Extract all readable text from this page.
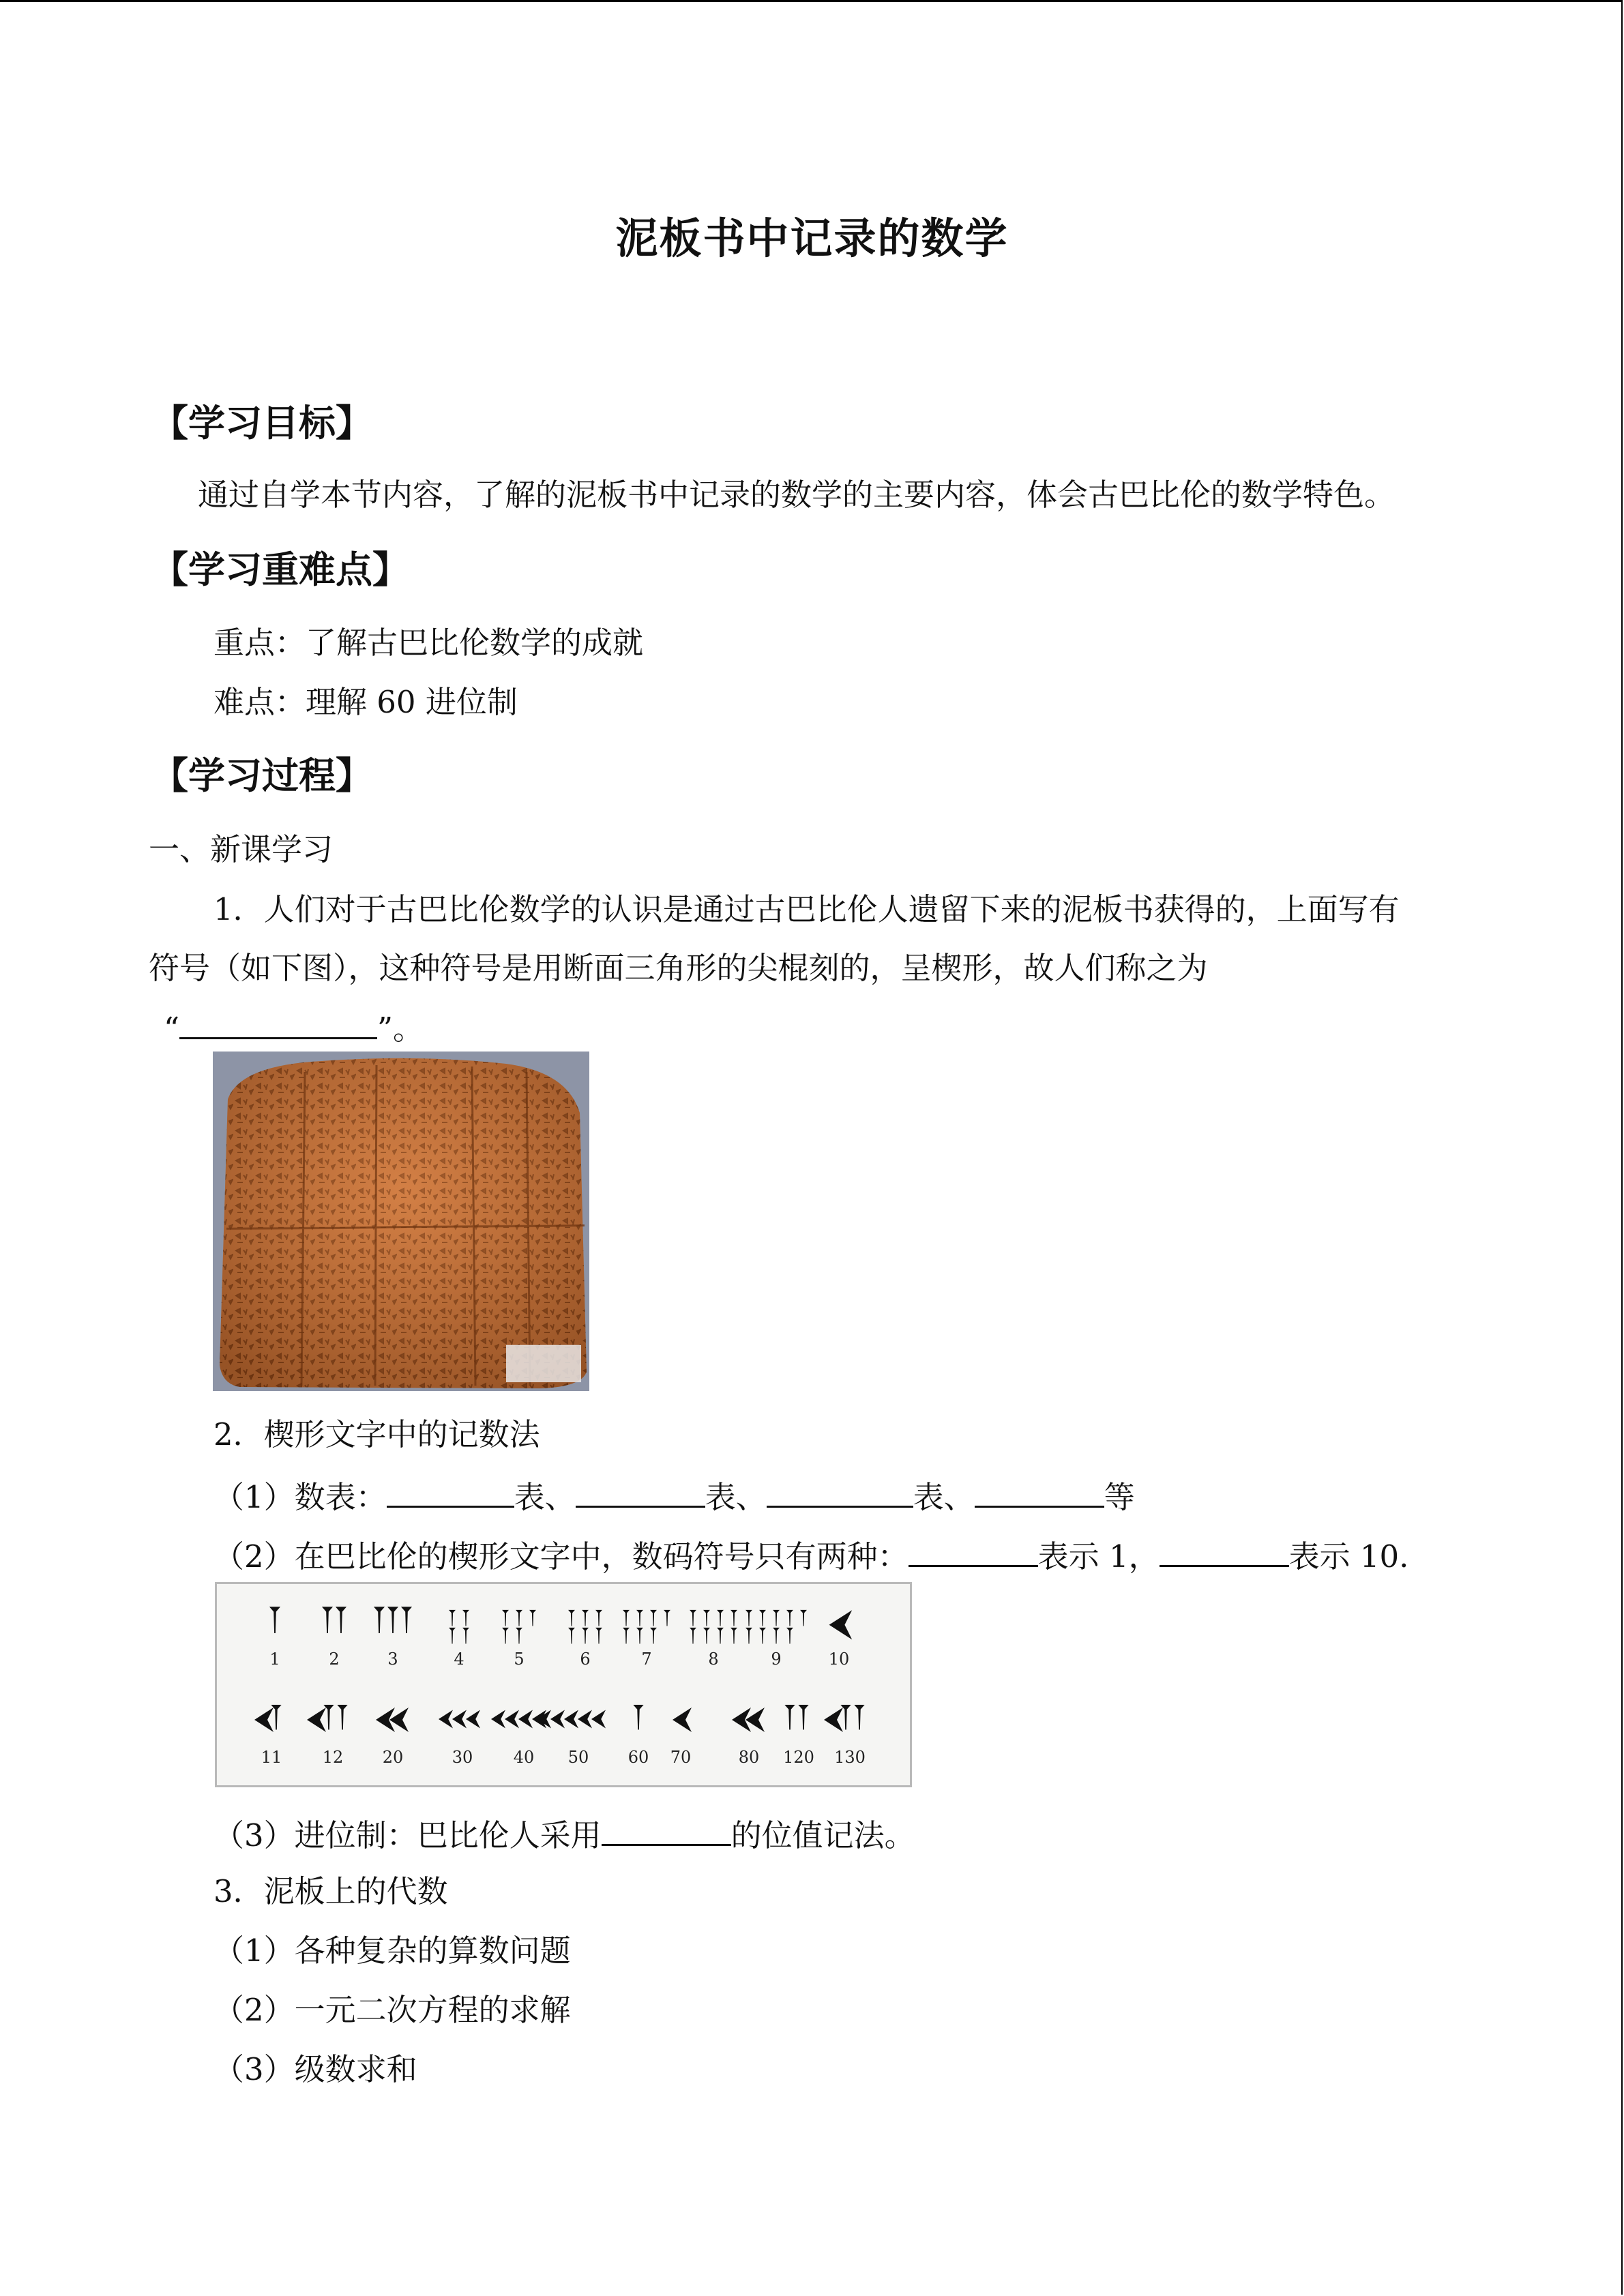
泥板书中记录的数学
【学习目标】
通过自学本节内容，了解的泥板书中记录的数学的主要内容，体会古巴比伦的数学特色。
【学习重难点】
重点：了解古巴比伦数学的成就
难点：理解 60 进位制
【学习过程】
一、新课学习
1．人们对于古巴比伦数学的认识是通过古巴比伦人遗留下来的泥板书获得的，上面写有
符号（如下图），这种符号是用断面三角形的尖棍刻的，呈楔形，故人们称之为
“	”。
2．楔形文字中的记数法
（1）数表：	表、	表、	表、	等
（2）在巴比伦的楔形文字中，数码符号只有两种：	表示 1，	表示 10.
1	2	3	4	5	6	7	8	9	10
11 12 20	30 40 50 60 70	80 120 130
（3）进位制：巴比伦人采用	的位值记法。
3．泥板上的代数
（1）各种复杂的算数问题
（2）一元二次方程的求解
（3）级数求和
